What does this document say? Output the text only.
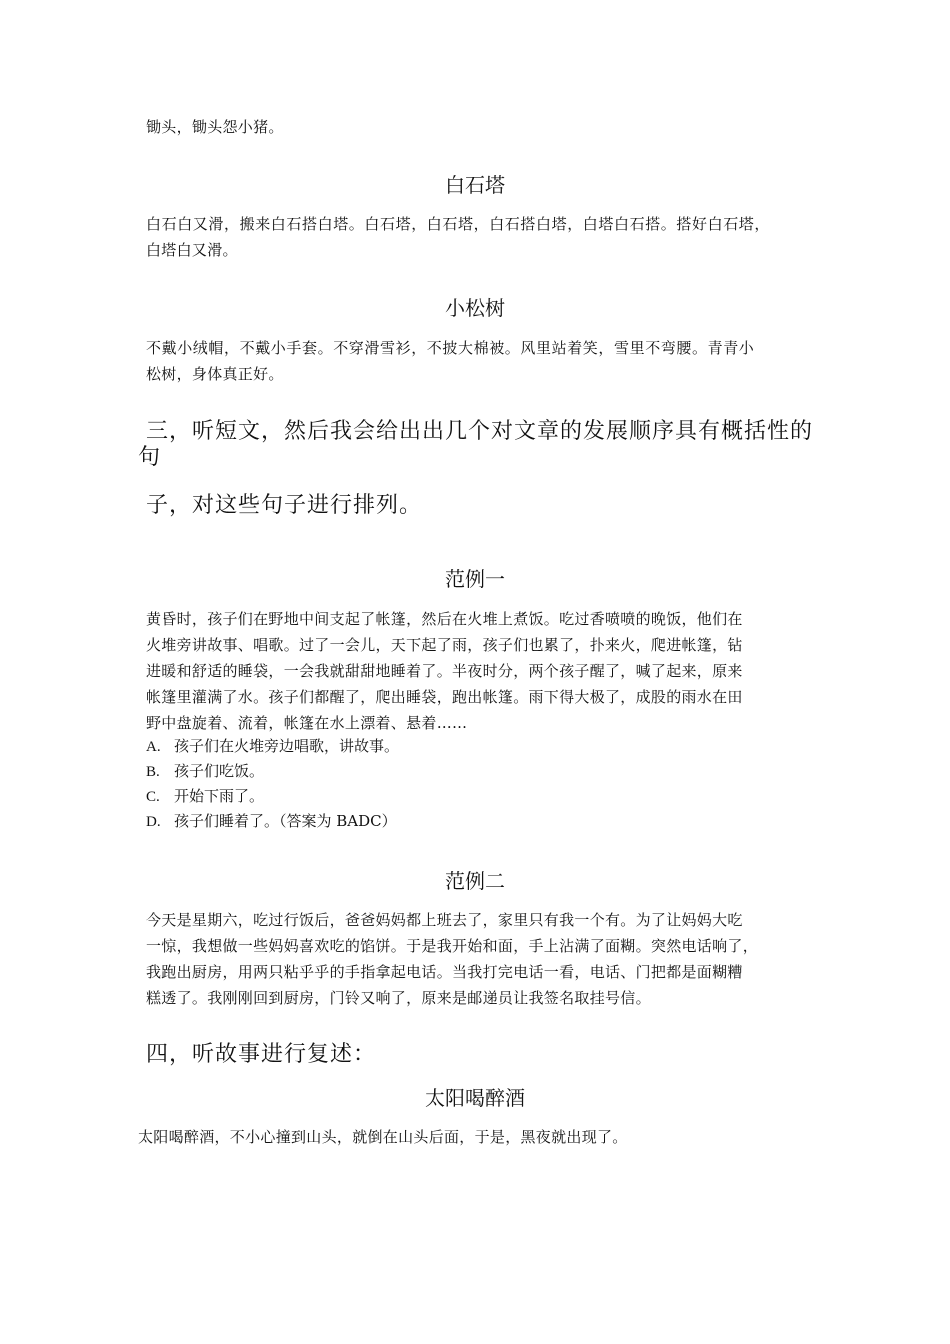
锄头，锄头怨小猪。
白石塔
白石白又滑，搬来白石搭白塔。白石塔，白石塔，白石搭白塔，白塔白石搭。搭好白石塔，
白塔白又滑。
小松树
不戴小绒帽，不戴小手套。不穿滑雪衫，不披大棉被。风里站着笑，雪里不弯腰。青青小
松树，身体真正好。
三，听短文，然后我会给出出几个对文章的发展顺序具有概括性的
句
子，对这些句子进行排列。
范例一
黄昏时，孩子们在野地中间支起了帐篷，然后在火堆上煮饭。吃过香喷喷的晚饭，他们在
火堆旁讲故事、唱歌。过了一会儿，天下起了雨，孩子们也累了，扑来火，爬进帐篷，钻
进暖和舒适的睡袋，一会我就甜甜地睡着了。半夜时分，两个孩子醒了，喊了起来，原来
帐篷里灌满了水。孩子们都醒了，爬出睡袋，跑出帐篷。雨下得大极了，成股的雨水在田
野中盘旋着、流着，帐篷在水上漂着、悬着……
A. 孩子们在火堆旁边唱歌，讲故事。
B. 孩子们吃饭。
C. 开始下雨了。
D. 孩子们睡着了。（答案为 BADC）
范例二
今天是星期六，吃过行饭后，爸爸妈妈都上班去了，家里只有我一个有。为了让妈妈大吃
一惊，我想做一些妈妈喜欢吃的馅饼。于是我开始和面，手上沾满了面糊。突然电话响了，
我跑出厨房，用两只粘乎乎的手指拿起电话。当我打完电话一看，电话、门把都是面糊糟
糕透了。我刚刚回到厨房，门铃又响了，原来是邮递员让我签名取挂号信。
四，听故事进行复述：
太阳喝醉酒
太阳喝醉酒，不小心撞到山头，就倒在山头后面，于是，黑夜就出现了。
